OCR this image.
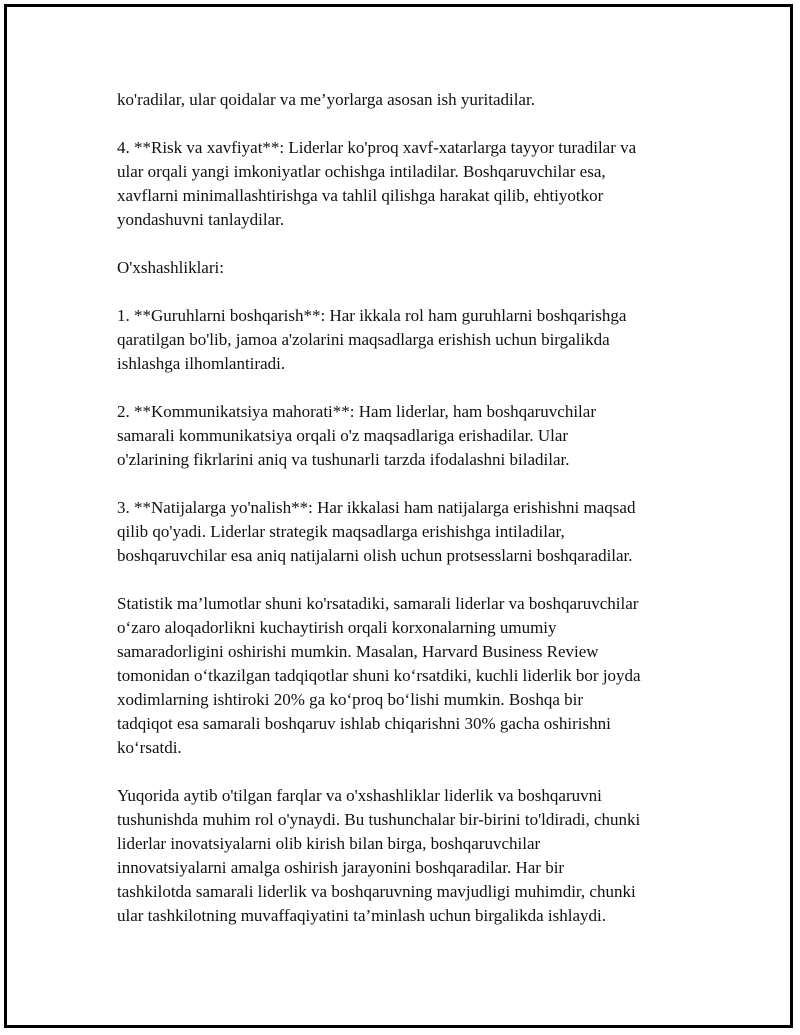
ko'radilar, ular qoidalar va me’yorlarga asosan ish yuritadilar.

4. **Risk va xavfiyat**: Liderlar ko'proq xavf-xatarlarga tayyor turadilar va
ular orqali yangi imkoniyatlar ochishga intiladilar. Boshqaruvchilar esa,
xavflarni minimallashtirishga va tahlil qilishga harakat qilib, ehtiyotkor
yondashuvni tanlaydilar.

O'xshashliklari:

1. **Guruhlarni boshqarish**: Har ikkala rol ham guruhlarni boshqarishga
qaratilgan bo'lib, jamoa a'zolarini maqsadlarga erishish uchun birgalikda
ishlashga ilhomlantiradi.

2. **Kommunikatsiya mahorati**: Ham liderlar, ham boshqaruvchilar
samarali kommunikatsiya orqali o'z maqsadlariga erishadilar. Ular
o'zlarining fikrlarini aniq va tushunarli tarzda ifodalashni biladilar.

3. **Natijalarga yo'nalish**: Har ikkalasi ham natijalarga erishishni maqsad
qilib qo'yadi. Liderlar strategik maqsadlarga erishishga intiladilar,
boshqaruvchilar esa aniq natijalarni olish uchun protsesslarni boshqaradilar.

Statistik ma’lumotlar shuni ko'rsatadiki, samarali liderlar va boshqaruvchilar
o‘zaro aloqadorlikni kuchaytirish orqali korxonalarning umumiy
samaradorligini oshirishi mumkin. Masalan, Harvard Business Review
tomonidan o‘tkazilgan tadqiqotlar shuni ko‘rsatdiki, kuchli liderlik bor joyda
xodimlarning ishtiroki 20% ga ko‘proq bo‘lishi mumkin. Boshqa bir
tadqiqot esa samarali boshqaruv ishlab chiqarishni 30% gacha oshirishni
ko‘rsatdi.

Yuqorida aytib o'tilgan farqlar va o'xshashliklar liderlik va boshqaruvni
tushunishda muhim rol o'ynaydi. Bu tushunchalar bir-birini to'ldiradi, chunki
liderlar inovatsiyalarni olib kirish bilan birga, boshqaruvchilar
innovatsiyalarni amalga oshirish jarayonini boshqaradilar. Har bir
tashkilotda samarali liderlik va boshqaruvning mavjudligi muhimdir, chunki
ular tashkilotning muvaffaqiyatini ta’minlash uchun birgalikda ishlaydi.
